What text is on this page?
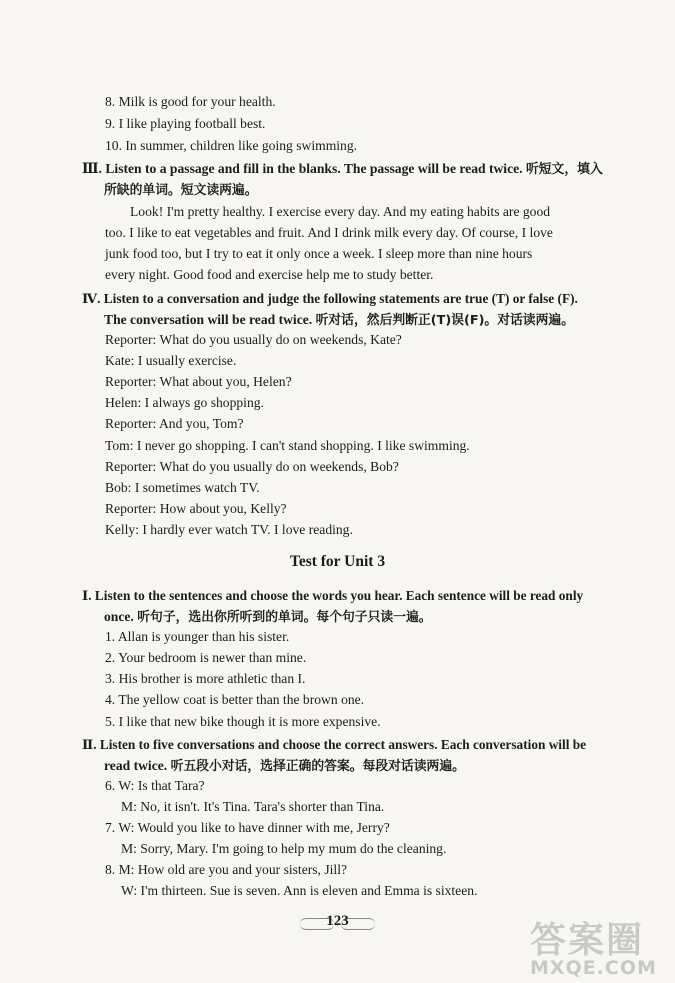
8. Milk is good for your health.
9. I like playing football best.
10. In summer, children like going swimming.
Ⅲ. Listen to a passage and fill in the blanks. The passage will be read twice. 听短文，填入
所缺的单词。短文读两遍。
Look! I'm pretty healthy. I exercise every day. And my eating habits are good
too. I like to eat vegetables and fruit. And I drink milk every day. Of course, I love
junk food too, but I try to eat it only once a week. I sleep more than nine hours
every night. Good food and exercise help me to study better.
Ⅳ. Listen to a conversation and judge the following statements are true (T) or false (F).
The conversation will be read twice. 听对话，然后判断正(T)误(F)。对话读两遍。
Reporter: What do you usually do on weekends, Kate?
Kate: I usually exercise.
Reporter: What about you, Helen?
Helen: I always go shopping.
Reporter: And you, Tom?
Tom: I never go shopping. I can't stand shopping. I like swimming.
Reporter: What do you usually do on weekends, Bob?
Bob: I sometimes watch TV.
Reporter: How about you, Kelly?
Kelly: I hardly ever watch TV. I love reading.
Test for Unit 3
Ⅰ. Listen to the sentences and choose the words you hear. Each sentence will be read only
once. 听句子，选出你所听到的单词。每个句子只读一遍。
1. Allan is younger than his sister.
2. Your bedroom is newer than mine.
3. His brother is more athletic than I.
4. The yellow coat is better than the brown one.
5. I like that new bike though it is more expensive.
Ⅱ. Listen to five conversations and choose the correct answers. Each conversation will be
read twice. 听五段小对话，选择正确的答案。每段对话读两遍。
6. W: Is that Tara?
M: No, it isn't. It's Tina. Tara's shorter than Tina.
7. W: Would you like to have dinner with me, Jerry?
M: Sorry, Mary. I'm going to help my mum do the cleaning.
8. M: How old are you and your sisters, Jill?
W: I'm thirteen. Sue is seven. Ann is eleven and Emma is sixteen.
123	答案圈
MXQE.COM
